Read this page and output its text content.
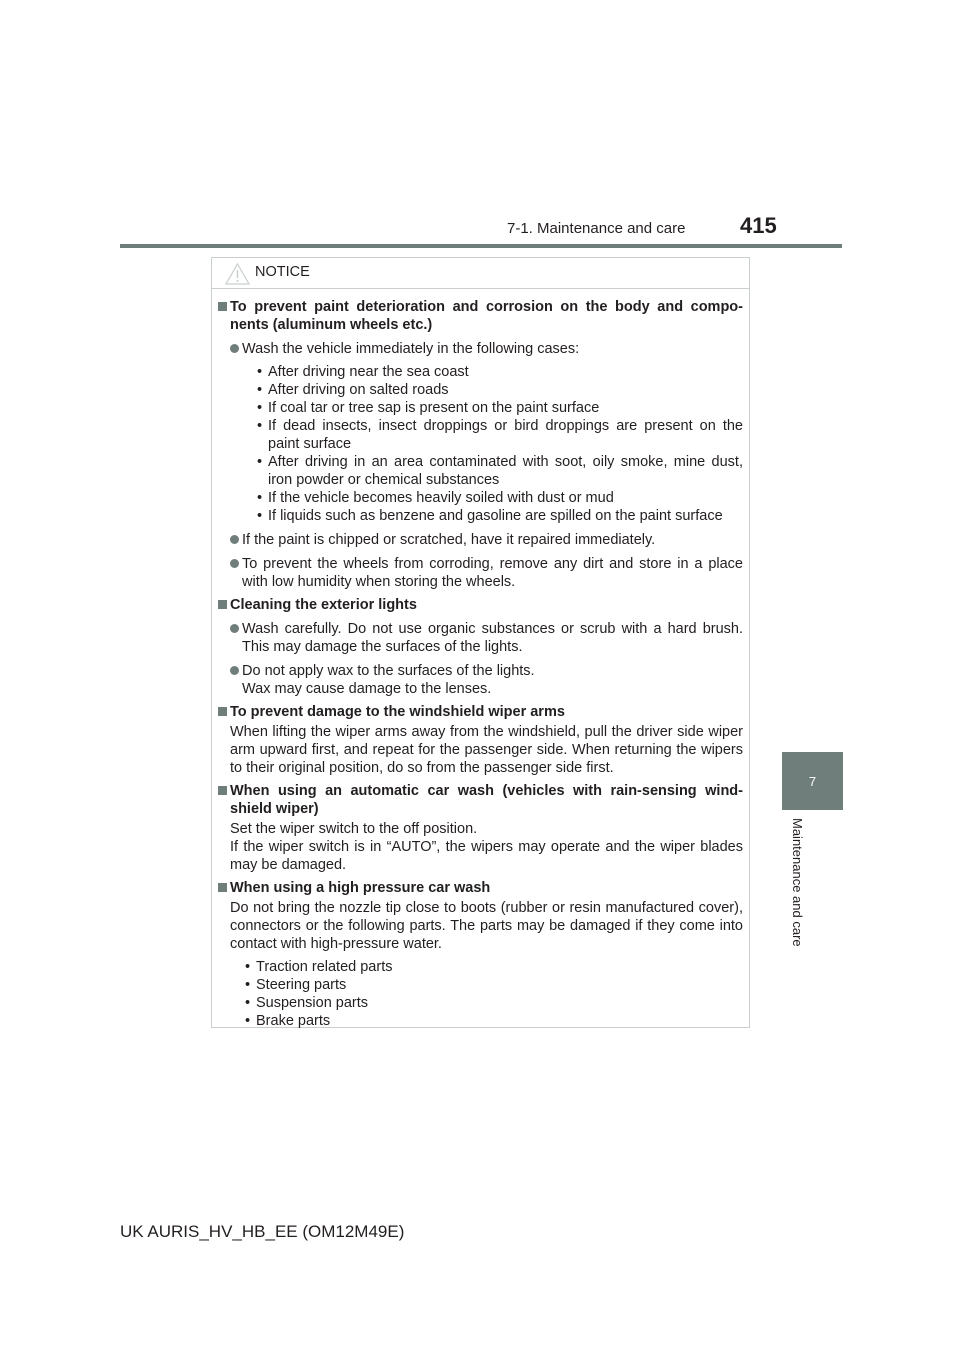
7-1. Maintenance and care 415
7
Maintenance and care
NOTICE
To prevent paint deterioration and corrosion on the body and compo-nents (aluminum wheels etc.)
Wash the vehicle immediately in the following cases:
• After driving near the sea coast
• After driving on salted roads
• If coal tar or tree sap is present on the paint surface
• If dead insects, insect droppings or bird droppings are present on the paint surface
• After driving in an area contaminated with soot, oily smoke, mine dust, iron powder or chemical substances
• If the vehicle becomes heavily soiled with dust or mud
• If liquids such as benzene and gasoline are spilled on the paint surface
If the paint is chipped or scratched, have it repaired immediately.
To prevent the wheels from corroding, remove any dirt and store in a place with low humidity when storing the wheels.
Cleaning the exterior lights
Wash carefully. Do not use organic substances or scrub with a hard brush. This may damage the surfaces of the lights.
Do not apply wax to the surfaces of the lights.
Wax may cause damage to the lenses.
To prevent damage to the windshield wiper arms
When lifting the wiper arms away from the windshield, pull the driver side wiper arm upward first, and repeat for the passenger side. When returning the wipers to their original position, do so from the passenger side first.
When using an automatic car wash (vehicles with rain-sensing wind-shield wiper)
Set the wiper switch to the off position.
If the wiper switch is in “AUTO”, the wipers may operate and the wiper blades may be damaged.
When using a high pressure car wash
Do not bring the nozzle tip close to boots (rubber or resin manufactured cover), connectors or the following parts. The parts may be damaged if they come into contact with high-pressure water.
• Traction related parts
• Steering parts
• Suspension parts
• Brake parts
UK AURIS_HV_HB_EE (OM12M49E)
